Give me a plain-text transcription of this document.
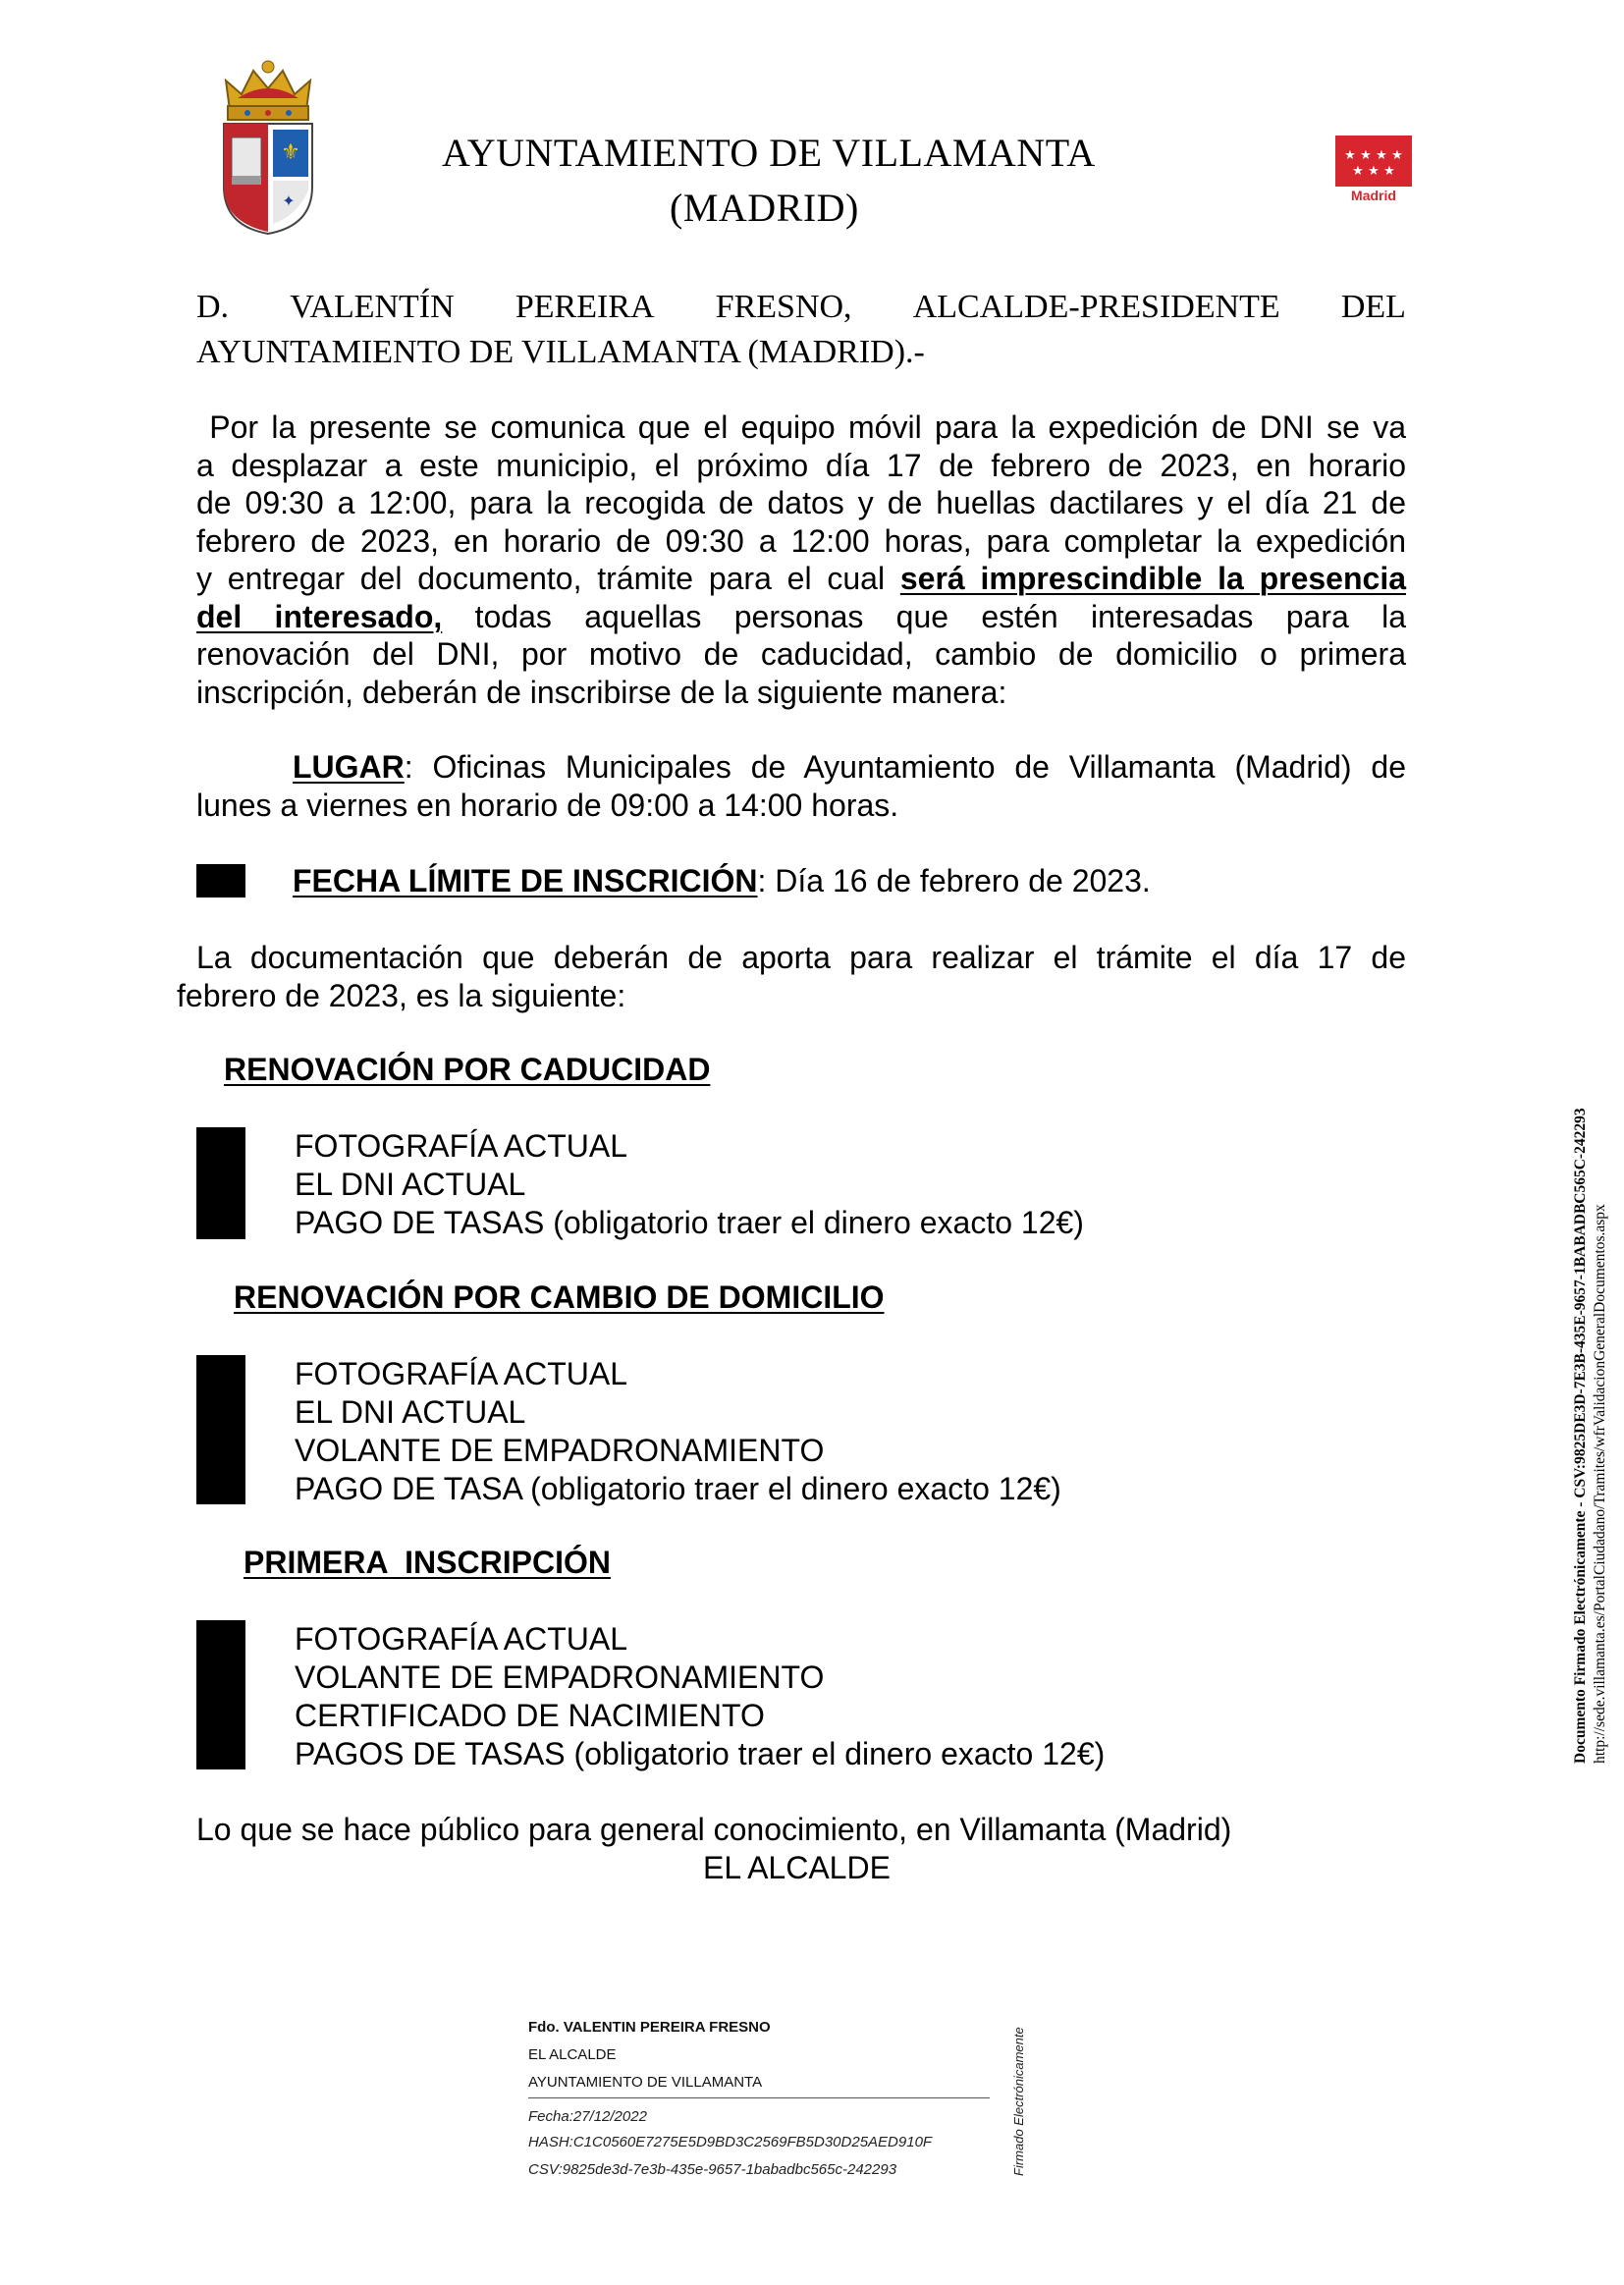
⚜
✦
AYUNTAMIENTO DE VILLAMANTA
(MADRID)
★ ★ ★ ★
★ ★ ★
Madrid
D. VALENTÍN PEREIRA FRESNO, ALCALDE-PRESIDENTE DEL
AYUNTAMIENTO DE VILLAMANTA (MADRID).-
Por la presente se comunica que el equipo móvil para la expedición de DNI se va
a desplazar a este municipio, el próximo día 17 de febrero de 2023, en horario
de 09:30 a 12:00, para la recogida de datos y de huellas dactilares y el día 21 de
febrero de 2023, en horario de 09:30 a 12:00 horas, para completar la expedición
y entregar del documento, trámite para el cual será imprescindible la presencia
del interesado, todas aquellas personas que estén interesadas para la
renovación del DNI, por motivo de caducidad, cambio de domicilio o primera
inscripción, deberán de inscribirse de la siguiente manera:
LUGAR: Oficinas Municipales de Ayuntamiento de Villamanta (Madrid) de
lunes a viernes en horario de 09:00 a 14:00 horas.
FECHA LÍMITE DE INSCRICIÓN: Día 16 de febrero de 2023.
La documentación que deberán de aporta para realizar el trámite el día 17 de
febrero de 2023, es la siguiente:
RENOVACIÓN POR CADUCIDAD
FOTOGRAFÍA ACTUAL
EL DNI ACTUAL
PAGO DE TASAS (obligatorio traer el dinero exacto 12€)
RENOVACIÓN POR CAMBIO DE DOMICILIO
FOTOGRAFÍA ACTUAL
EL DNI ACTUAL
VOLANTE DE EMPADRONAMIENTO
PAGO DE TASA (obligatorio traer el dinero exacto 12€)
PRIMERA  INSCRIPCIÓN
FOTOGRAFÍA ACTUAL
VOLANTE DE EMPADRONAMIENTO
CERTIFICADO DE NACIMIENTO
PAGOS DE TASAS (obligatorio traer el dinero exacto 12€)
Lo que se hace público para general conocimiento, en Villamanta (Madrid)
EL ALCALDE
Fdo. VALENTIN PEREIRA FRESNO
EL ALCALDE
AYUNTAMIENTO DE VILLAMANTA
Fecha:27/12/2022
HASH:C1C0560E7275E5D9BD3C2569FB5D30D25AED910F
CSV:9825de3d-7e3b-435e-9657-1babadbc565c-242293	Firmado Electrónicamente
Documento Firmado Electrónicamente - CSV:9825DE3D-7E3B-435E-9657-1BABADBC565C-242293 http://sede.villamanta.es/PortalCiudadano/Tramites/wfrValidacionGeneralDocumentos.aspx
